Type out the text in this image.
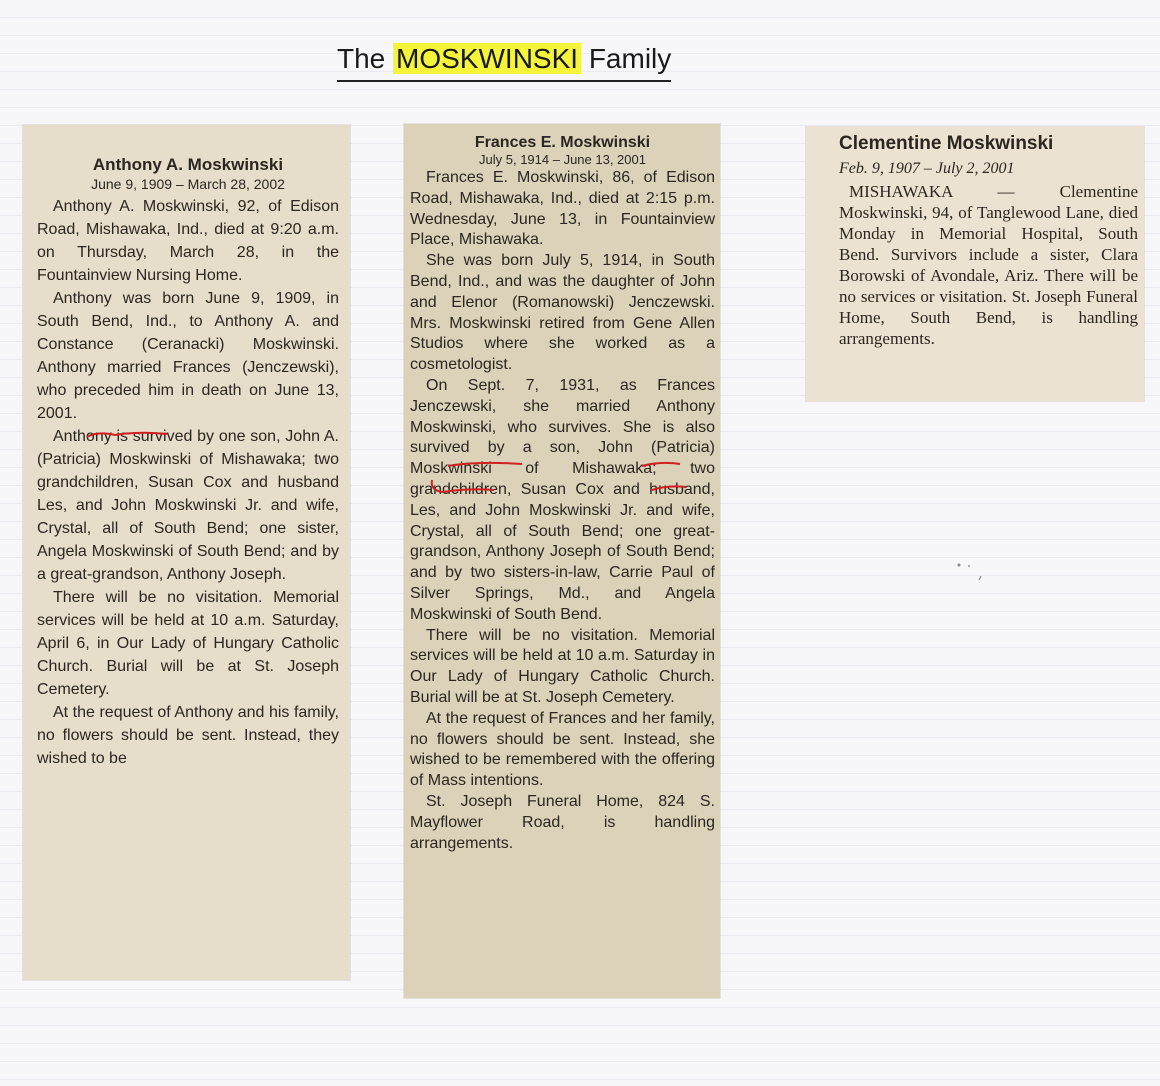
The MOSKWINSKI Family
Anthony A. Moskwinski
June 9, 1909 – March 28, 2002

Anthony A. Moskwinski, 92, of Edison Road, Mishawaka, Ind., died at 9:20 a.m. on Thursday, March 28, in the Fountainview Nursing Home.

Anthony was born June 9, 1909, in South Bend, Ind., to Anthony A. and Constance (Ceranacki) Moskwinski. Anthony married Frances (Jenczewski), who preceded him in death on June 13, 2001.

Anthony is survived by one son, John A. (Patricia) Moskwinski of Mishawaka; two grandchildren, Susan Cox and husband Les, and John Moskwinski Jr. and wife, Crystal, all of South Bend; one sister, Angela Moskwinski of South Bend; and by a great-grandson, Anthony Joseph.

There will be no visitation. Memorial services will be held at 10 a.m. Saturday, April 6, in Our Lady of Hungary Catholic Church. Burial will be at St. Joseph Cemetery.

At the request of Anthony and his family, no flowers should be sent. Instead, they wished to be

Frances E. Moskwinski
July 5, 1914 – June 13, 2001

Frances E. Moskwinski, 86, of Edison Road, Mishawaka, Ind., died at 2:15 p.m. Wednesday, June 13, in Fountainview Place, Mishawaka.

She was born July 5, 1914, in South Bend, Ind., and was the daughter of John and Elenor (Romanowski) Jenczewski. Mrs. Moskwinski retired from Gene Allen Studios where she worked as a cosmetologist.

On Sept. 7, 1931, as Frances Jenczewski, she married Anthony Moskwinski, who survives. She is also survived by a son, John (Patricia) Moskwinski of Mishawaka; two grandchildren, Susan Cox and husband, Les, and John Moskwinski Jr. and wife, Crystal, all of South Bend; one great-grandson, Anthony Joseph of South Bend; and by two sisters-in-law, Carrie Paul of Silver Springs, Md., and Angela Moskwinski of South Bend.

There will be no visitation. Memorial services will be held at 10 a.m. Saturday in Our Lady of Hungary Catholic Church. Burial will be at St. Joseph Cemetery.

At the request of Frances and her family, no flowers should be sent. Instead, she wished to be remembered with the offering of Mass intentions.

St. Joseph Funeral Home, 824 S. Mayflower Road, is handling arrangements.

Clementine Moskwinski
Feb. 9, 1907 – July 2, 2001

MISHAWAKA — Clementine Moskwinski, 94, of Tanglewood Lane, died Monday in Memorial Hospital, South Bend. Survivors include a sister, Clara Borowski of Avondale, Ariz. There will be no services or visitation. St. Joseph Funeral Home, South Bend, is handling arrangements.
